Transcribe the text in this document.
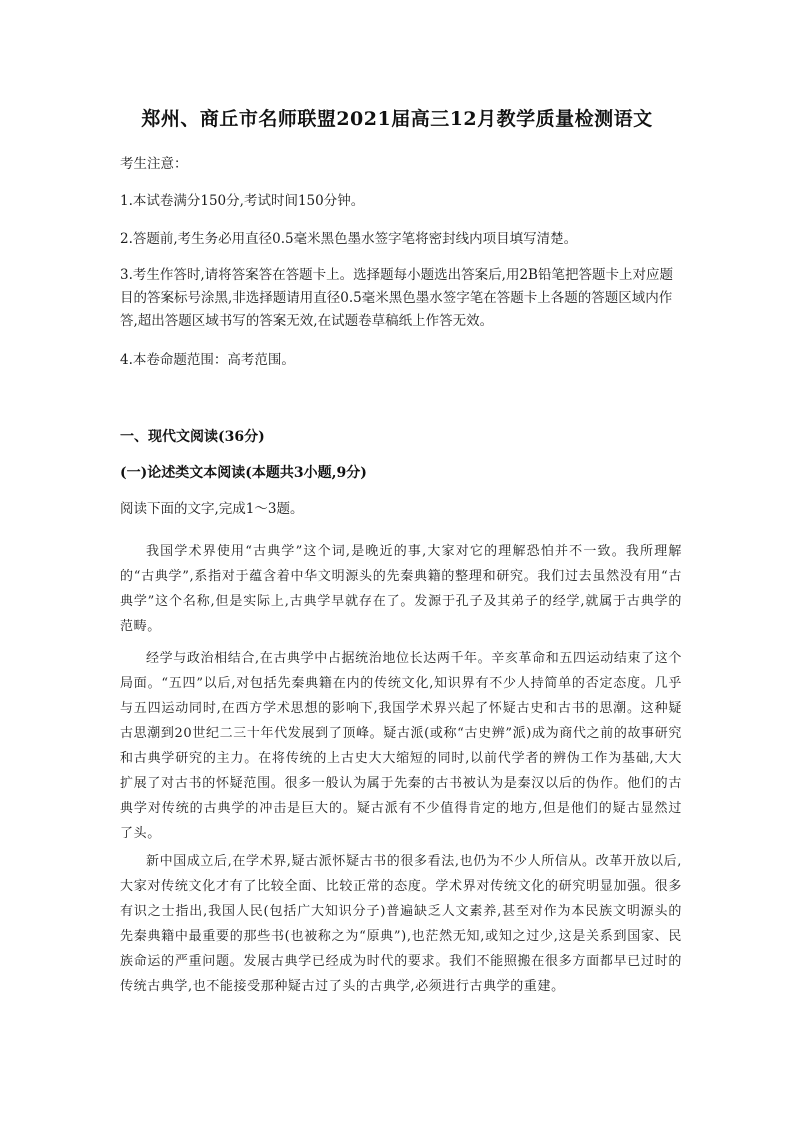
郑州、商丘市名师联盟2021届高三12月教学质量检测语文
考生注意：
1.本试卷满分150分,考试时间150分钟。
2.答题前,考生务必用直径0.5毫米黑色墨水签字笔将密封线内项目填写清楚。
3.考生作答时,请将答案答在答题卡上。选择题每小题选出答案后,用2B铅笔把答题卡上对应题目的答案标号涂黑,非选择题请用直径0.5毫米黑色墨水签字笔在答题卡上各题的答题区域内作答,超出答题区域书写的答案无效,在试题卷草稿纸上作答无效。
4.本卷命题范围：高考范围。
一、现代文阅读(36分)
(一)论述类文本阅读(本题共3小题,9分)
阅读下面的文字,完成1～3题。
我国学术界使用“古典学”这个词,是晚近的事,大家对它的理解恐怕并不一致。我所理解的“古典学”,系指对于蕴含着中华文明源头的先秦典籍的整理和研究。我们过去虽然没有用“古典学”这个名称,但是实际上,古典学早就存在了。发源于孔子及其弟子的经学,就属于古典学的范畴。
经学与政治相结合,在古典学中占据统治地位长达两千年。辛亥革命和五四运动结束了这个局面。“五四”以后,对包括先秦典籍在内的传统文化,知识界有不少人持简单的否定态度。几乎与五四运动同时,在西方学术思想的影响下,我国学术界兴起了怀疑古史和古书的思潮。这种疑古思潮到20世纪二三十年代发展到了顶峰。疑古派(或称“古史辨”派)成为商代之前的故事研究和古典学研究的主力。在将传统的上古史大大缩短的同时,以前代学者的辨伪工作为基础,大大扩展了对古书的怀疑范围。很多一般认为属于先秦的古书被认为是秦汉以后的伪作。他们的古典学对传统的古典学的冲击是巨大的。疑古派有不少值得肯定的地方,但是他们的疑古显然过了头。
新中国成立后,在学术界,疑古派怀疑古书的很多看法,也仍为不少人所信从。改革开放以后,大家对传统文化才有了比较全面、比较正常的态度。学术界对传统文化的研究明显加强。很多有识之士指出,我国人民(包括广大知识分子)普遍缺乏人文素养,甚至对作为本民族文明源头的先秦典籍中最重要的那些书(也被称之为“原典”),也茫然无知,或知之过少,这是关系到国家、民族命运的严重问题。发展古典学已经成为时代的要求。我们不能照搬在很多方面都早已过时的传统古典学,也不能接受那种疑古过了头的古典学,必须进行古典学的重建。
